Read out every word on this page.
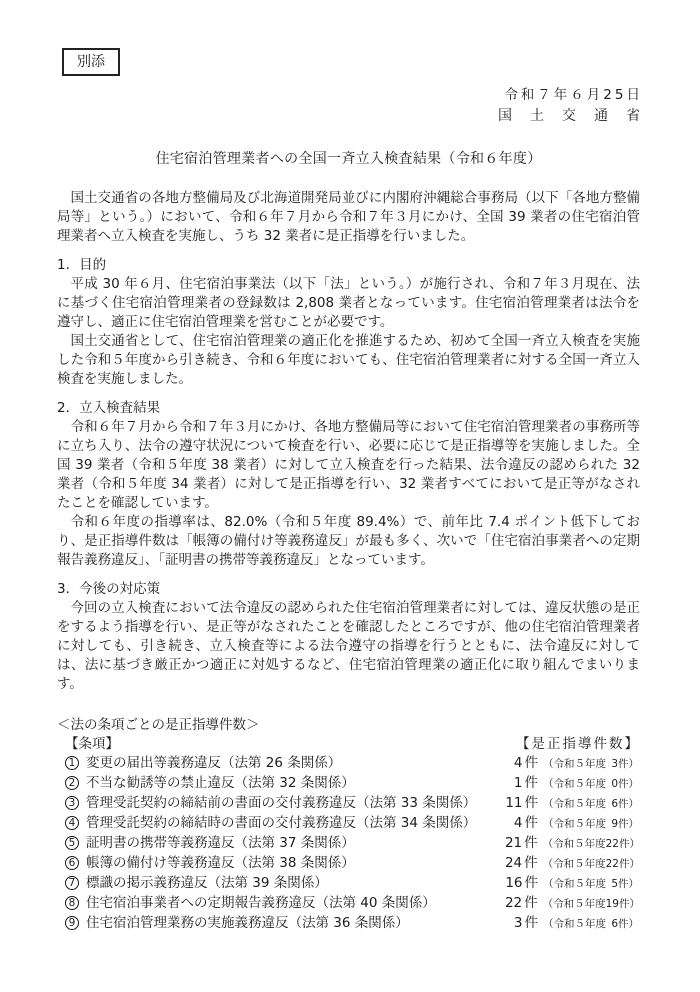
別添
令和７年６月25日
国土交通省
住宅宿泊管理業者への全国一斉立入検査結果（令和６年度）

国土交通省の各地方整備局及び北海道開発局並びに内閣府沖縄総合事務局（以下「各地方整備局等」という。）において、令和６年７月から令和７年３月にかけ、全国 39 業者の住宅宿泊管理業者へ立入検査を実施し、うち 32 業者に是正指導を行いました。

1．目的

平成 30 年６月、住宅宿泊事業法（以下「法」という。）が施行され、令和７年３月現在、法に基づく住宅宿泊管理業者の登録数は 2,808 業者となっています。住宅宿泊管理業者は法令を遵守し、適正に住宅宿泊管理業を営むことが必要です。

国土交通省として、住宅宿泊管理業の適正化を推進するため、初めて全国一斉立入検査を実施した令和５年度から引き続き、令和６年度においても、住宅宿泊管理業者に対する全国一斉立入検査を実施しました。

2．立入検査結果

令和６年７月から令和７年３月にかけ、各地方整備局等において住宅宿泊管理業者の事務所等に立ち入り、法令の遵守状況について検査を行い、必要に応じて是正指導等を実施しました。全国 39 業者（令和５年度 38 業者）に対して立入検査を行った結果、法令違反の認められた 32 業者（令和５年度 34 業者）に対して是正指導を行い、32 業者すべてにおいて是正等がなされたことを確認しています。

令和６年度の指導率は、82.0%（令和５年度 89.4%）で、前年比 7.4 ポイント低下しており、是正指導件数は「帳簿の備付け等義務違反」が最も多く、次いで「住宅宿泊事業者への定期報告義務違反」、「証明書の携帯等義務違反」となっています。

3．今後の対応策

今回の立入検査において法令違反の認められた住宅宿泊管理業者に対しては、違反状態の是正をするよう指導を行い、是正等がなされたことを確認したところですが、他の住宅宿泊管理業者に対しても、引き続き、立入検査等による法令遵守の指導を行うとともに、法令違反に対しては、法に基づき厳正かつ適正に対処するなど、住宅宿泊管理業の適正化に取り組んでまいります。

＜法の条項ごとの是正指導件数＞

【条項】	【是正指導件数】
1 変更の届出等義務違反（法第 26 条関係）	4 件 （令和５年度 3件）
2 不当な勧誘等の禁止違反（法第 32 条関係）	1 件 （令和５年度 0件）
3 管理受託契約の締結前の書面の交付義務違反（法第 33 条関係）	11 件 （令和５年度 6件）
4 管理受託契約の締結時の書面の交付義務違反（法第 34 条関係）	4 件 （令和５年度 9件）
5 証明書の携帯等義務違反（法第 37 条関係）	21 件 （令和５年度22件）
6 帳簿の備付け等義務違反（法第 38 条関係）	24 件 （令和５年度22件）
7 標識の掲示義務違反（法第 39 条関係）	16 件 （令和５年度 5件）
8 住宅宿泊事業者への定期報告義務違反（法第 40 条関係）	22 件 （令和５年度19件）
9 住宅宿泊管理業務の実施義務違反（法第 36 条関係）	3 件 （令和５年度 6件）
